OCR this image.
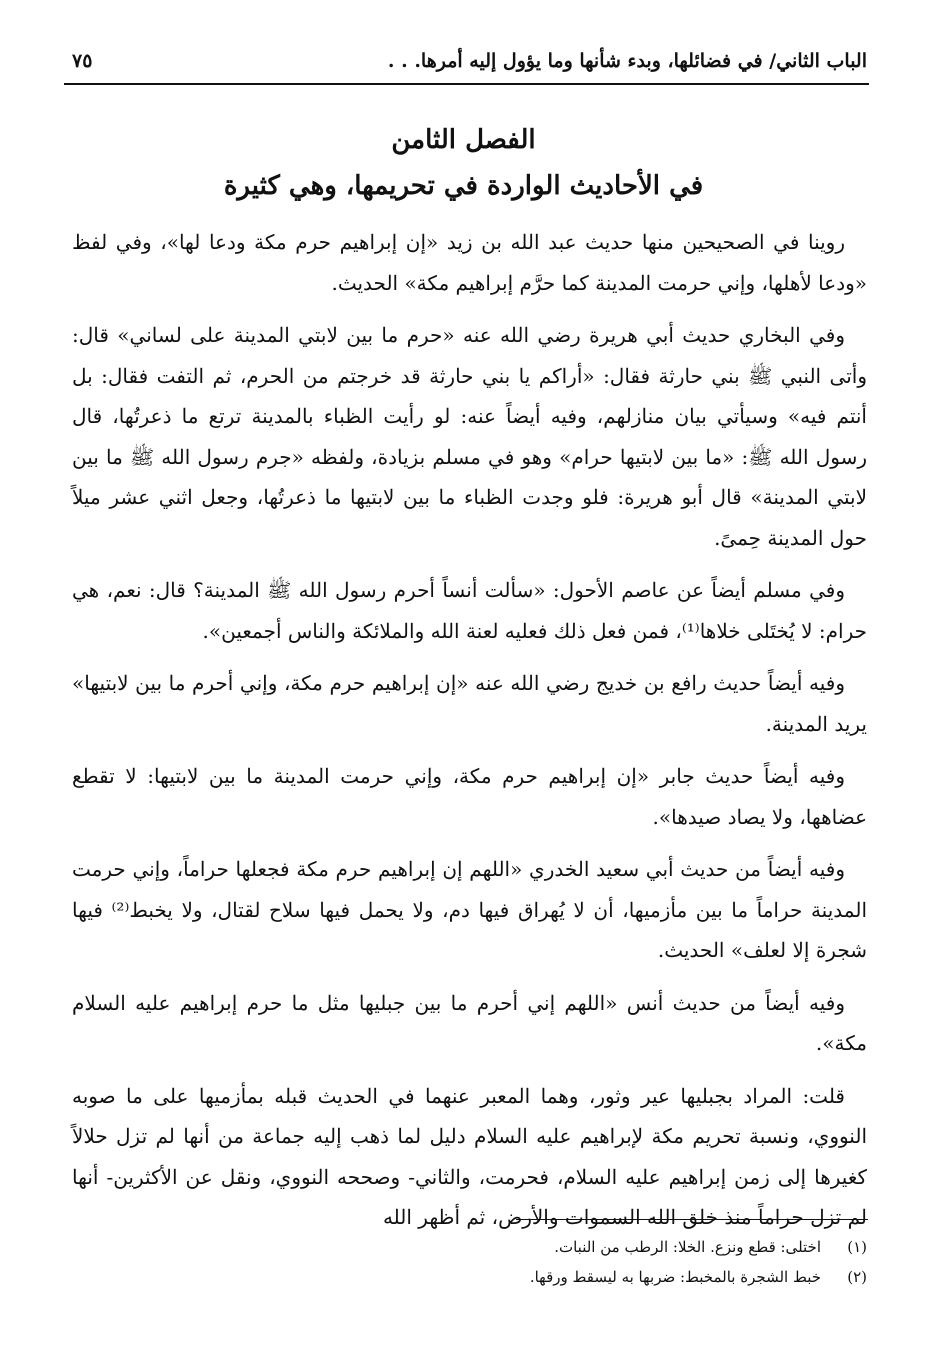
الباب الثاني/ في فضائلها، وبدء شأنها وما يؤول إليه أمرها. . .
٧٥
الفصل الثامن
في الأحاديث الواردة في تحريمها، وهي كثيرة

روينا في الصحيحين منها حديث عبد الله بن زيد «إن إبراهيم حرم مكة ودعا لها»، وفي لفظ «ودعا لأهلها، وإني حرمت المدينة كما حرَّم إبراهيم مكة» الحديث.

وفي البخاري حديث أبي هريرة رضي الله عنه «حرم ما بين لابتي المدينة على لساني» قال: وأتى النبي ﷺ بني حارثة فقال: «أراكم يا بني حارثة قد خرجتم من الحرم، ثم التفت فقال: بل أنتم فيه» وسيأتي بيان منازلهم، وفيه أيضاً عنه: لو رأيت الظباء بالمدينة ترتع ما ذعرتُها، قال رسول الله ﷺ: «ما بين لابتيها حرام» وهو في مسلم بزيادة، ولفظه «جرم رسول الله ﷺ ما بين لابتي المدينة» قال أبو هريرة: فلو وجدت الظباء ما بين لابتيها ما ذعرتُها، وجعل اثني عشر ميلاً حول المدينة حِمىً.

وفي مسلم أيضاً عن عاصم الأحول: «سألت أنساً أحرم رسول الله ﷺ المدينة؟ قال: نعم، هي حرام: لا يُختَلى خلاها⁽¹⁾، فمن فعل ذلك فعليه لعنة الله والملائكة والناس أجمعين».

وفيه أيضاً حديث رافع بن خديج رضي الله عنه «إن إبراهيم حرم مكة، وإني أحرم ما بين لابتيها» يريد المدينة.

وفيه أيضاً حديث جابر «إن إبراهيم حرم مكة، وإني حرمت المدينة ما بين لابتيها: لا تقطع عضاهها، ولا يصاد صيدها».

وفيه أيضاً من حديث أبي سعيد الخدري «اللهم إن إبراهيم حرم مكة فجعلها حراماً، وإني حرمت المدينة حراماً ما بين مأزميها، أن لا يُهراق فيها دم، ولا يحمل فيها سلاح لقتال، ولا يخبط⁽²⁾ فيها شجرة إلا لعلف» الحديث.

وفيه أيضاً من حديث أنس «اللهم إني أحرم ما بين جبليها مثل ما حرم إبراهيم عليه السلام مكة».

قلت: المراد بجبليها عير وثور، وهما المعبر عنهما في الحديث قبله بمأزميها على ما صوبه النووي، ونسبة تحريم مكة لإبراهيم عليه السلام دليل لما ذهب إليه جماعة من أنها لم تزل حلالاً كغيرها إلى زمن إبراهيم عليه السلام، فحرمت، والثاني- وصححه النووي، ونقل عن الأكثرين- أنها لم تزل حراماً منذ خلق الله السموات والأرض، ثم أظهر الله

(١)
اختلى: قطع ونزع. الخلا: الرطب من النبات.
(٢)
خبط الشجرة بالمخبط: ضربها به ليسقط ورقها.
